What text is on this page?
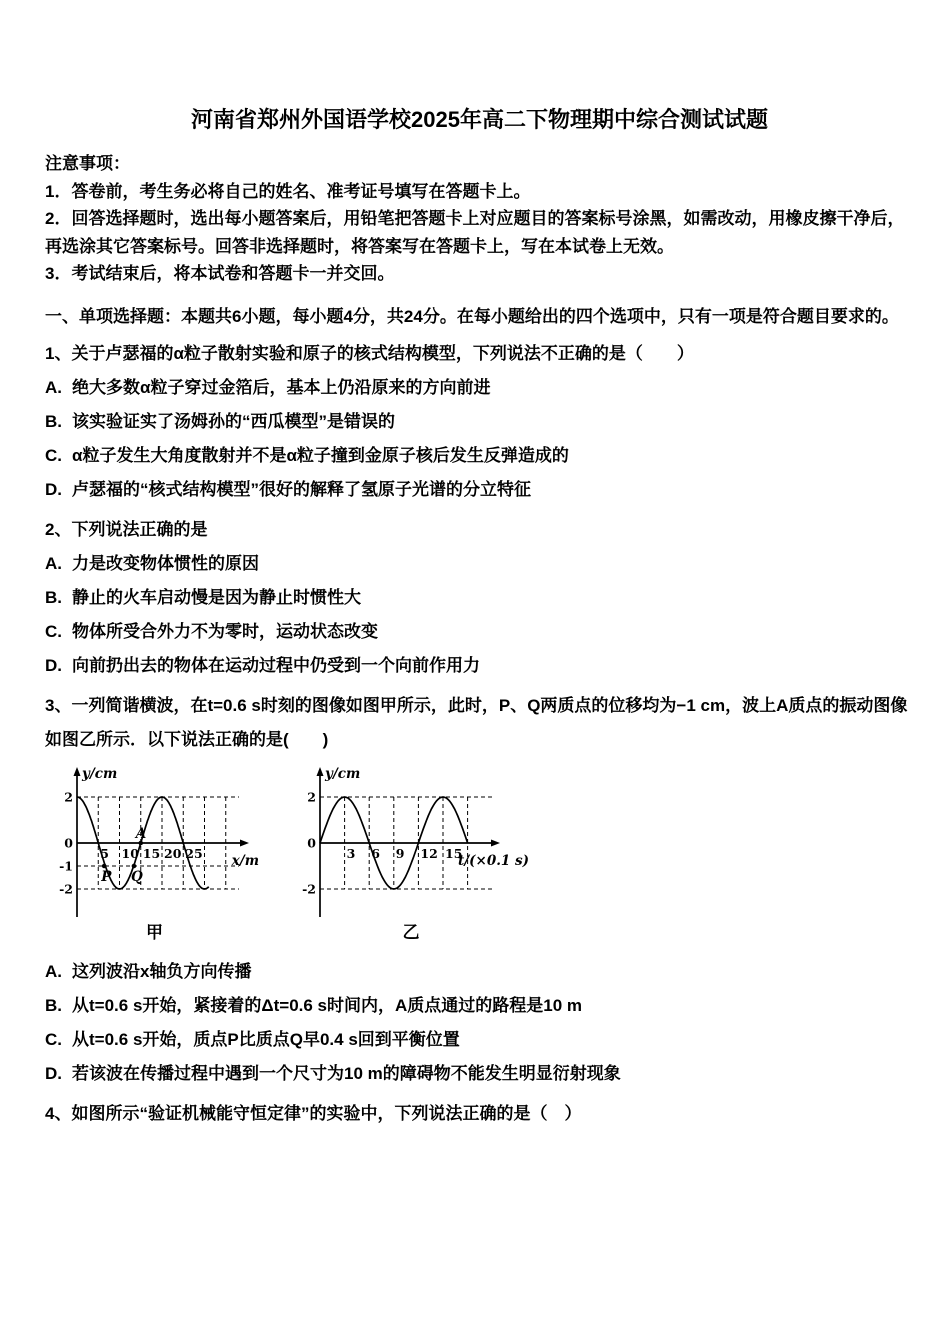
河南省郑州外国语学校2025年高二下物理期中综合测试试题

注意事项：

1．答卷前，考生务必将自己的姓名、准考证号填写在答题卡上。

2．回答选择题时，选出每小题答案后，用铅笔把答题卡上对应题目的答案标号涂黑，如需改动，用橡皮擦干净后，再选涂其它答案标号。回答非选择题时，将答案写在答题卡上，写在本试卷上无效。

3．考试结束后，将本试卷和答题卡一并交回。

一、单项选择题：本题共6小题，每小题4分，共24分。在每小题给出的四个选项中，只有一项是符合题目要求的。

1、关于卢瑟福的α粒子散射实验和原子的核式结构模型，下列说法不正确的是（　　）

A. 绝大多数α粒子穿过金箔后，基本上仍沿原来的方向前进

B. 该实验证实了汤姆孙的“西瓜模型”是错误的

C. α粒子发生大角度散射并不是α粒子撞到金原子核后发生反弹造成的

D. 卢瑟福的“核式结构模型”很好的解释了氢原子光谱的分立特征

2、下列说法正确的是

A. 力是改变物体惯性的原因

B. 静止的火车启动慢是因为静止时惯性大

C. 物体所受合外力不为零时，运动状态改变

D. 向前扔出去的物体在运动过程中仍受到一个向前作用力

3、一列简谐横波，在t=0.6 s时刻的图像如图甲所示，此时，P、Q两质点的位移均为−1 cm，波上A质点的振动图像如图乙所示．以下说法正确的是(　　)

5 10 15 20 25
2
0
-1
-2
y/cm
x/m
P Q
A
甲
3 6 9 12 15
2
0
-2
y/cm
t/(×0.1 s)
乙

A. 这列波沿x轴负方向传播

B. 从t=0.6 s开始，紧接着的Δt=0.6 s时间内，A质点通过的路程是10 m

C. 从t=0.6 s开始，质点P比质点Q早0.4 s回到平衡位置

D. 若该波在传播过程中遇到一个尺寸为10 m的障碍物不能发生明显衍射现象

4、如图所示“验证机械能守恒定律”的实验中，下列说法正确的是（　）
